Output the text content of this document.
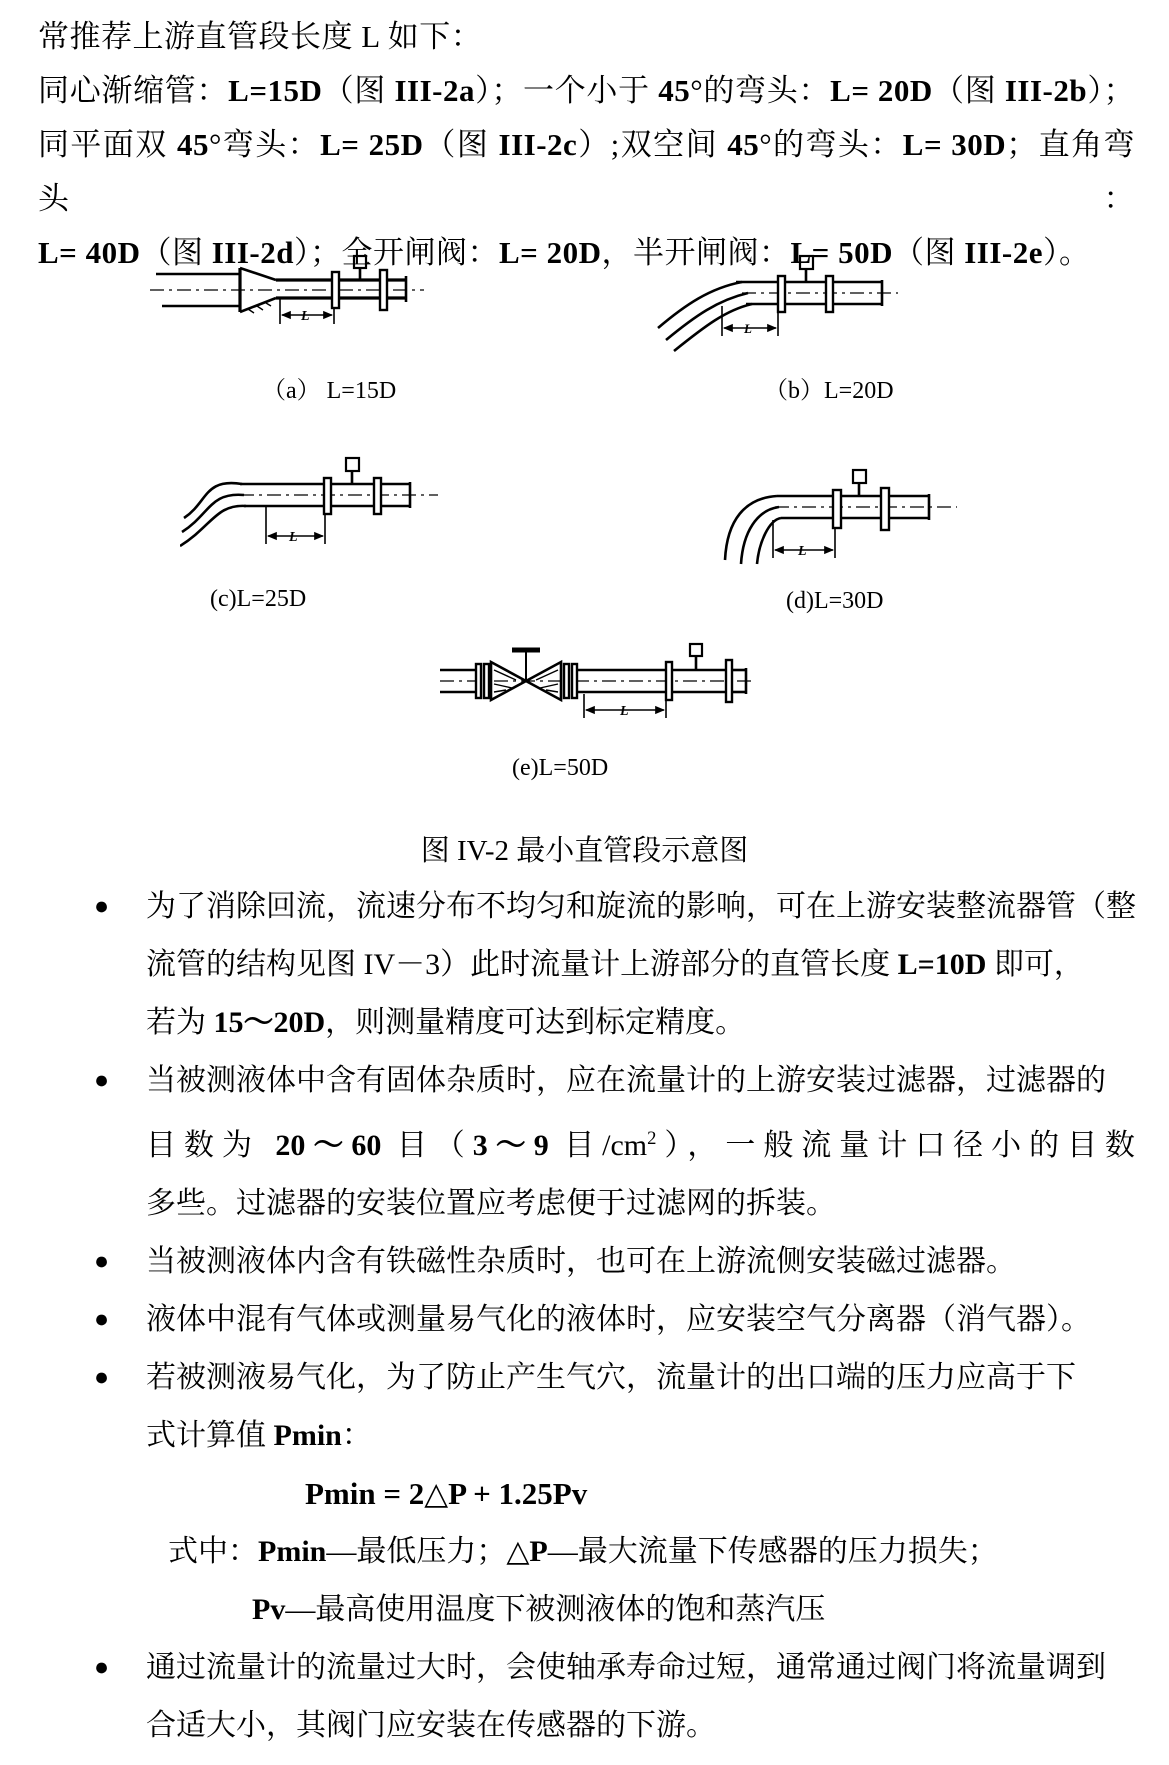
常推荐上游直管段长度 L 如下：
同心渐缩管：L=15D（图 III-2a）；一个小于 45°的弯头：L= 20D（图 III-2b）；
同平面双 45°弯头：L= 25D（图 III-2c）;双空间 45°的弯头：L= 30D；直角弯头：
L= 40D（图 III-2d）；全开闸阀：L= 20D，半开闸阀：L= 50D（图 III-2e）。
L
L
L
L
L
（a） L=15D	（b）L=20D
(c)L=25D	(d)L=30D
(e)L=50D
图 IV-2 最小直管段示意图
●	为了消除回流，流速分布不均匀和旋流的影响，可在上游安装整流器管（整
流管的结构见图 IV－3）此时流量计上游部分的直管长度 L=10D 即可，
若为 15～20D，则测量精度可达到标定精度。
●	当被测液体中含有固体杂质时，应在流量计的上游安装过滤器，过滤器的
目数为 20～60 目（3～9 目$/cm^2$），一般流量计口径小的目数
多些。过滤器的安装位置应考虑便于过滤网的拆装。
●	当被测液体内含有铁磁性杂质时，也可在上游流侧安装磁过滤器。
●	液体中混有气体或测量易气化的液体时，应安装空气分离器（消气器）。
●	若被测液易气化，为了防止产生气穴，流量计的出口端的压力应高于下
式计算值 Pmin：
Pmin = 2△P + 1.25Pv
式中：Pmin—最低压力；△P—最大流量下传感器的压力损失；
Pv—最高使用温度下被测液体的饱和蒸汽压
●	通过流量计的流量过大时，会使轴承寿命过短，通常通过阀门将流量调到
合适大小，其阀门应安装在传感器的下游。
